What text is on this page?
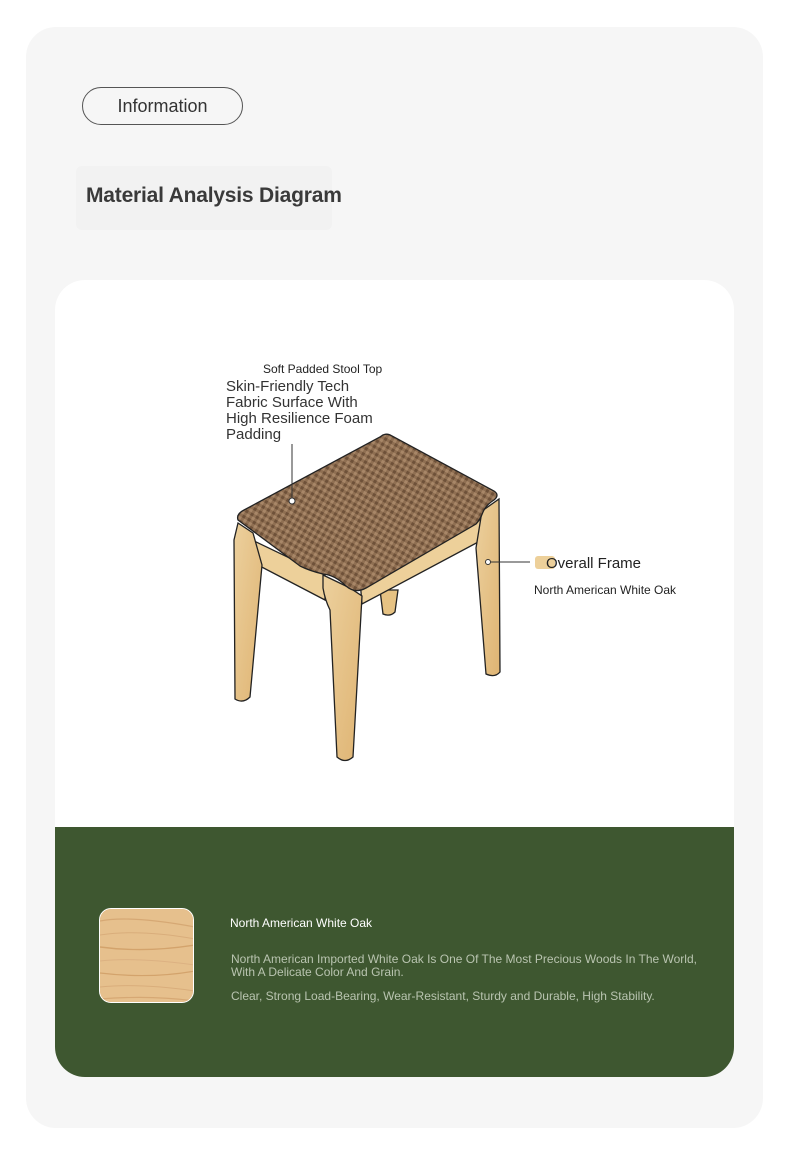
Information
Material Analysis Diagram
Soft Padded Stool Top
Skin-Friendly Tech Fabric Surface With High Resilience Foam Padding
Overall Frame
North American White Oak
North American White Oak
North American Imported White Oak Is One Of The Most Precious Woods In The World, With A Delicate Color And Grain.
Clear, Strong Load-Bearing, Wear-Resistant, Sturdy and Durable, High Stability.
